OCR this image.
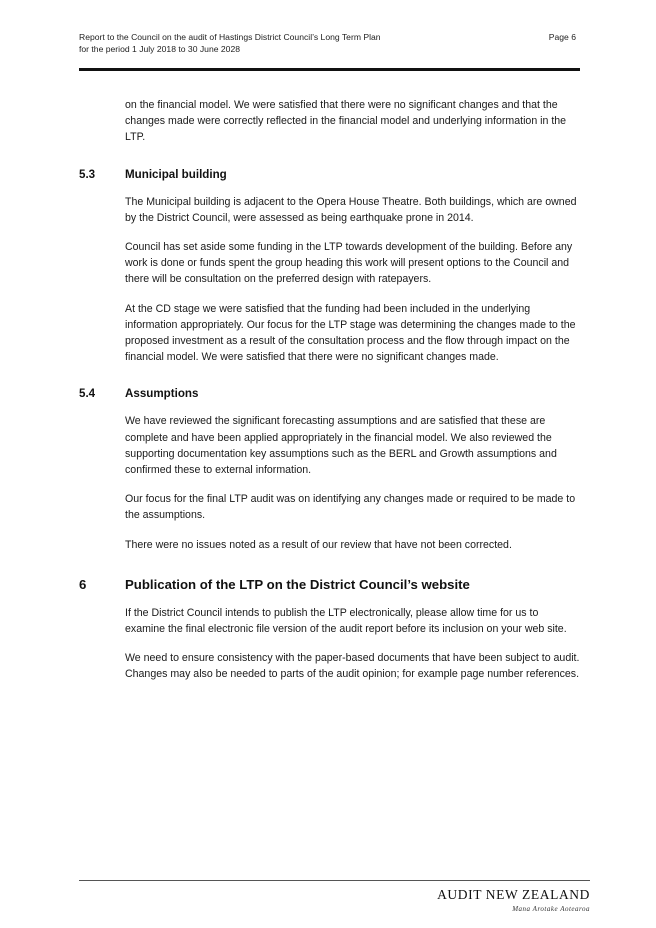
Report to the Council on the audit of Hastings District Council’s Long Term Plan
for the period 1 July 2018 to 30 June 2028
Page 6

on the financial model. We were satisfied that there were no significant changes and that the changes made were correctly reflected in the financial model and underlying information in the LTP.

5.3	Municipal building

The Municipal building is adjacent to the Opera House Theatre. Both buildings, which are owned by the District Council, were assessed as being earthquake prone in 2014.

Council has set aside some funding in the LTP towards development of the building. Before any work is done or funds spent the group heading this work will present options to the Council and there will be consultation on the preferred design with ratepayers.

At the CD stage we were satisfied that the funding had been included in the underlying information appropriately. Our focus for the LTP stage was determining the changes made to the proposed investment as a result of the consultation process and the flow through impact on the financial model. We were satisfied that there were no significant changes made.

5.4	Assumptions

We have reviewed the significant forecasting assumptions and are satisfied that these are complete and have been applied appropriately in the financial model. We also reviewed the supporting documentation key assumptions such as the BERL and Growth assumptions and confirmed these to external information.

Our focus for the final LTP audit was on identifying any changes made or required to be made to the assumptions.

There were no issues noted as a result of our review that have not been corrected.

6	Publication of the LTP on the District Council’s website

If the District Council intends to publish the LTP electronically, please allow time for us to examine the final electronic file version of the audit report before its inclusion on your web site.

We need to ensure consistency with the paper-based documents that have been subject to audit. Changes may also be needed to parts of the audit opinion; for example page number references.

AUDIT NEW ZEALAND
Mana Arotake Aotearoa
